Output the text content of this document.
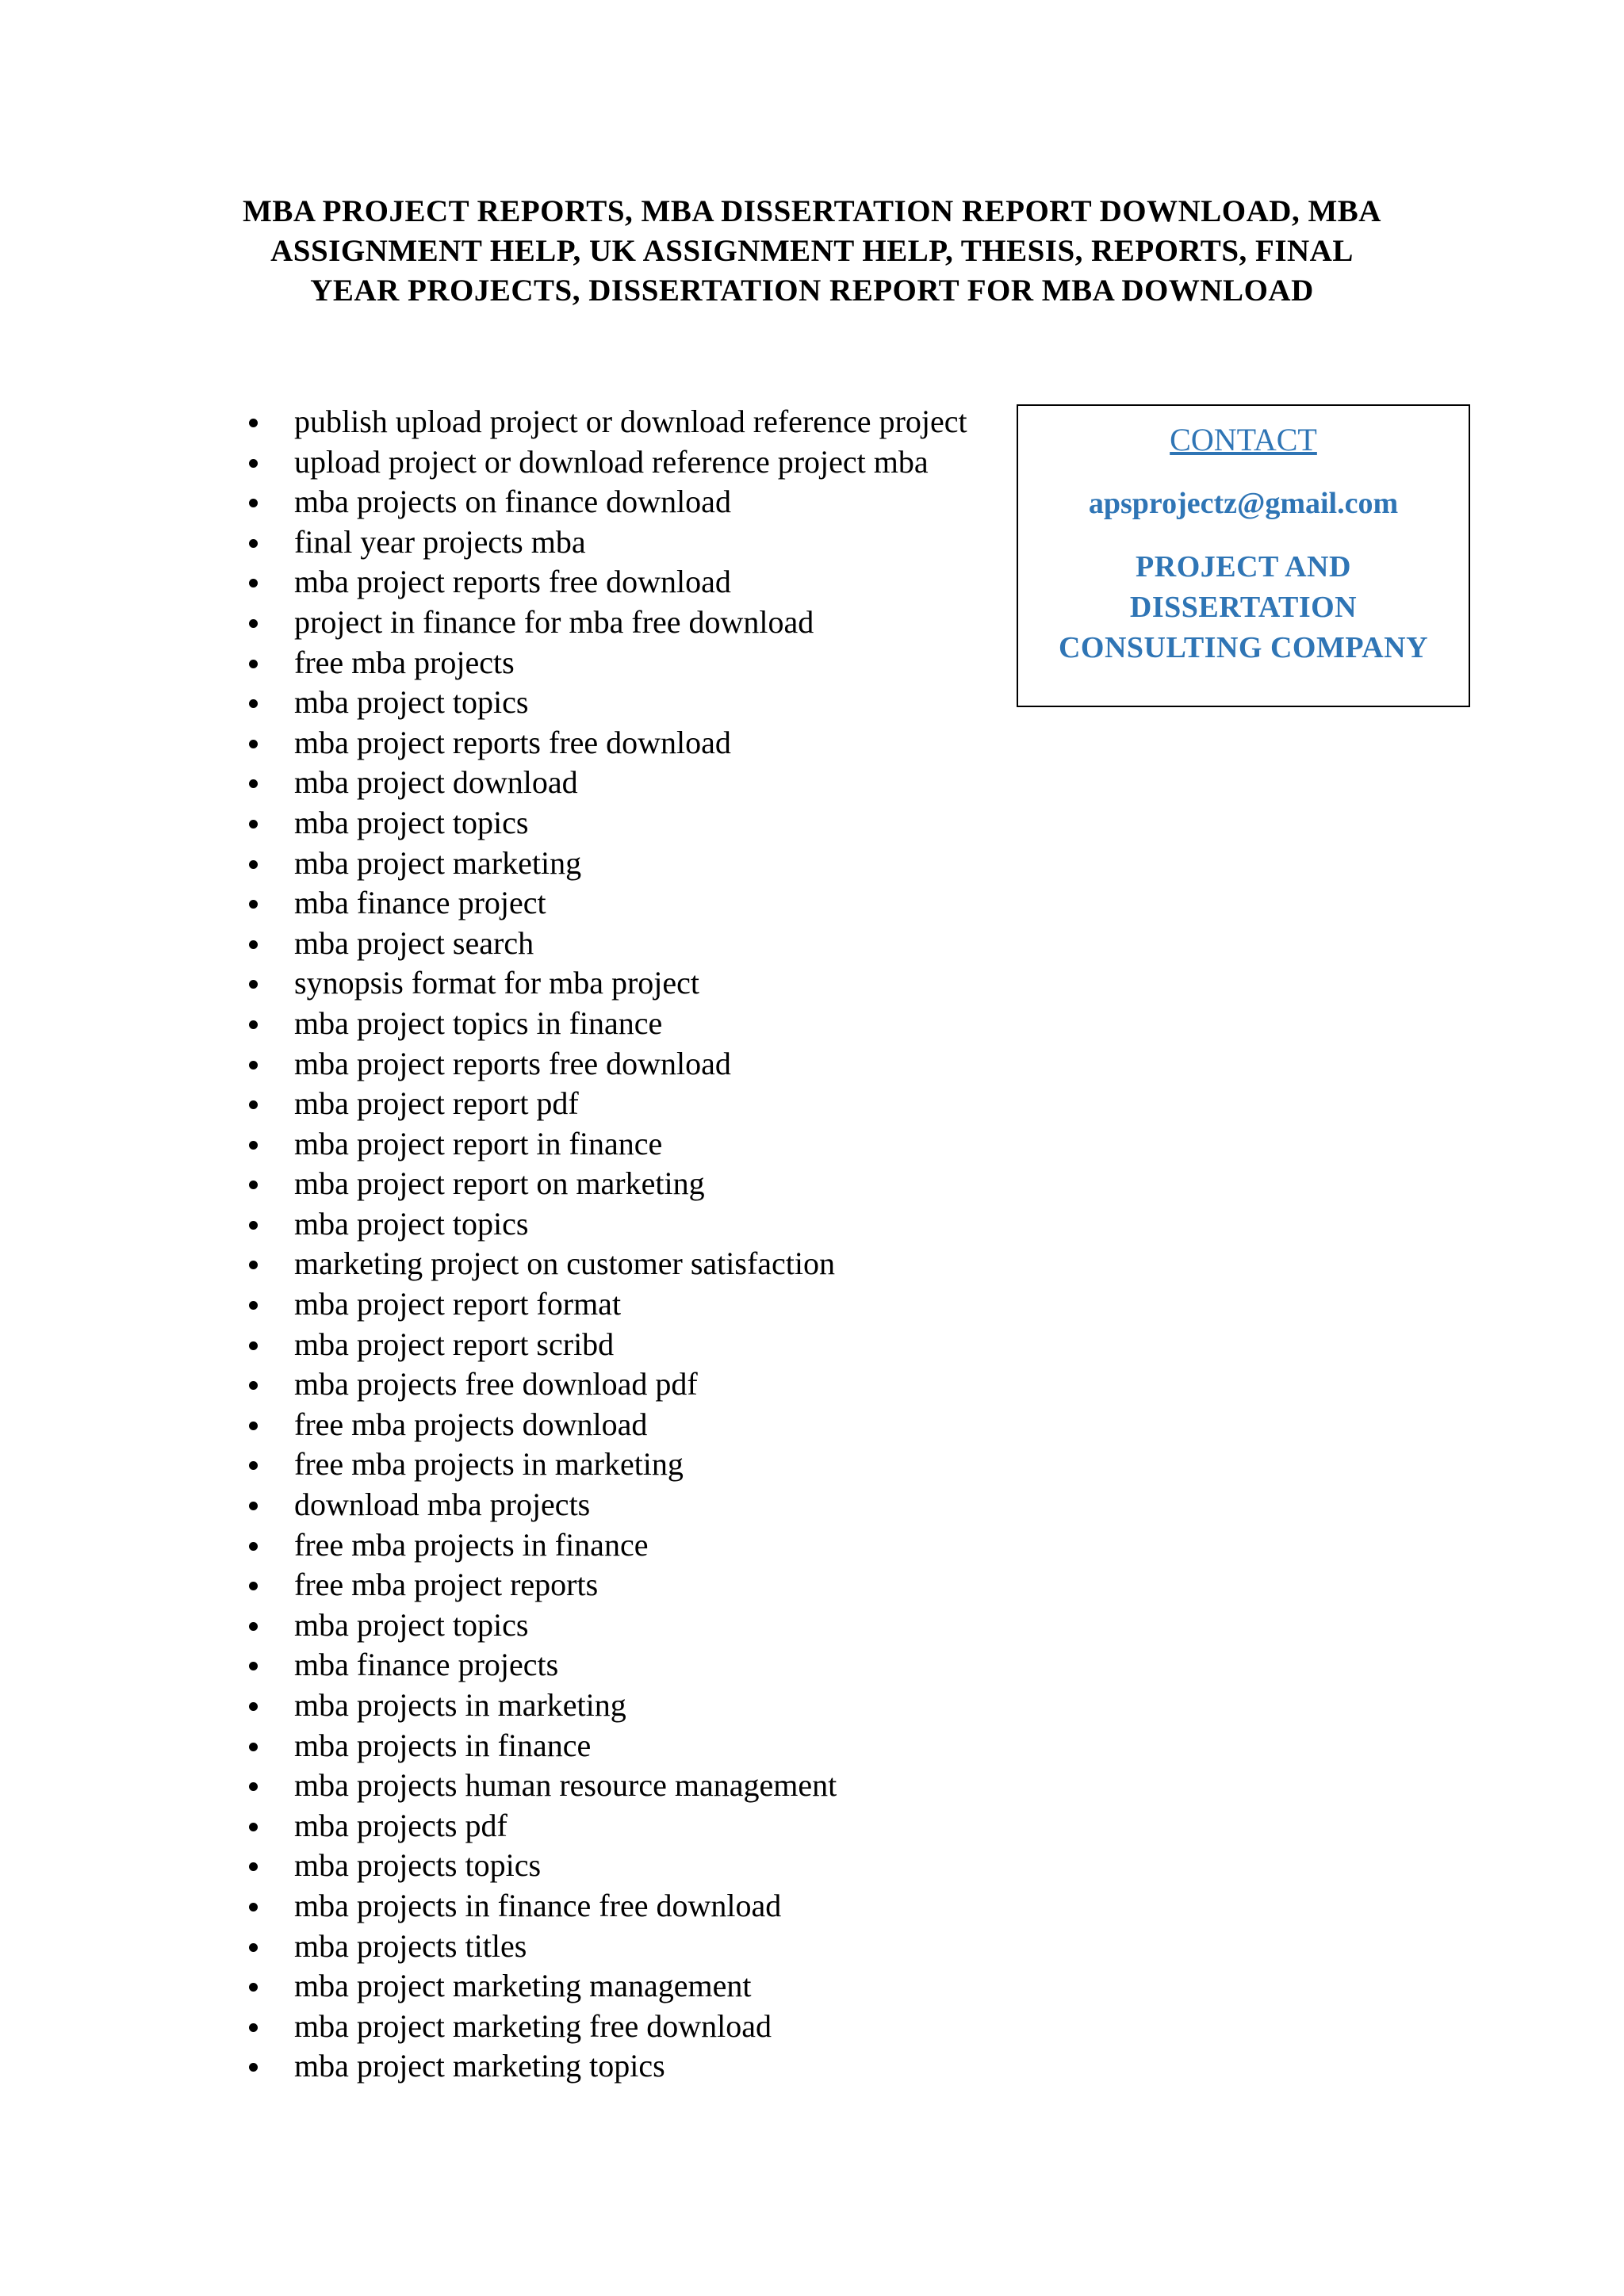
MBA PROJECT REPORTS, MBA DISSERTATION REPORT DOWNLOAD, MBA
ASSIGNMENT HELP, UK ASSIGNMENT HELP, THESIS, REPORTS, FINAL
YEAR PROJECTS, DISSERTATION REPORT FOR MBA DOWNLOAD
publish upload project or download reference project
upload project or download reference project mba
mba projects on finance download
final year projects mba
mba project reports free download
project in finance for mba free download
free mba projects
mba project topics
mba project reports free download
mba project download
mba project topics
mba project marketing
mba finance project
mba project search
synopsis format for mba project
mba project topics in finance
mba project reports free download
mba project report pdf
mba project report in finance
mba project report on marketing
mba project topics
marketing project on customer satisfaction
mba project report format
mba project report scribd
mba projects free download pdf
free mba projects download
free mba projects in marketing
download mba projects
free mba projects in finance
free mba project reports
mba project topics
mba finance projects
mba projects in marketing
mba projects in finance
mba projects human resource management
mba projects pdf
mba projects topics
mba projects in finance free download
mba projects titles
mba project marketing management
mba project marketing free download
mba project marketing topics
CONTACT
apsprojectz@gmail.com
PROJECT AND
DISSERTATION
CONSULTING COMPANY
